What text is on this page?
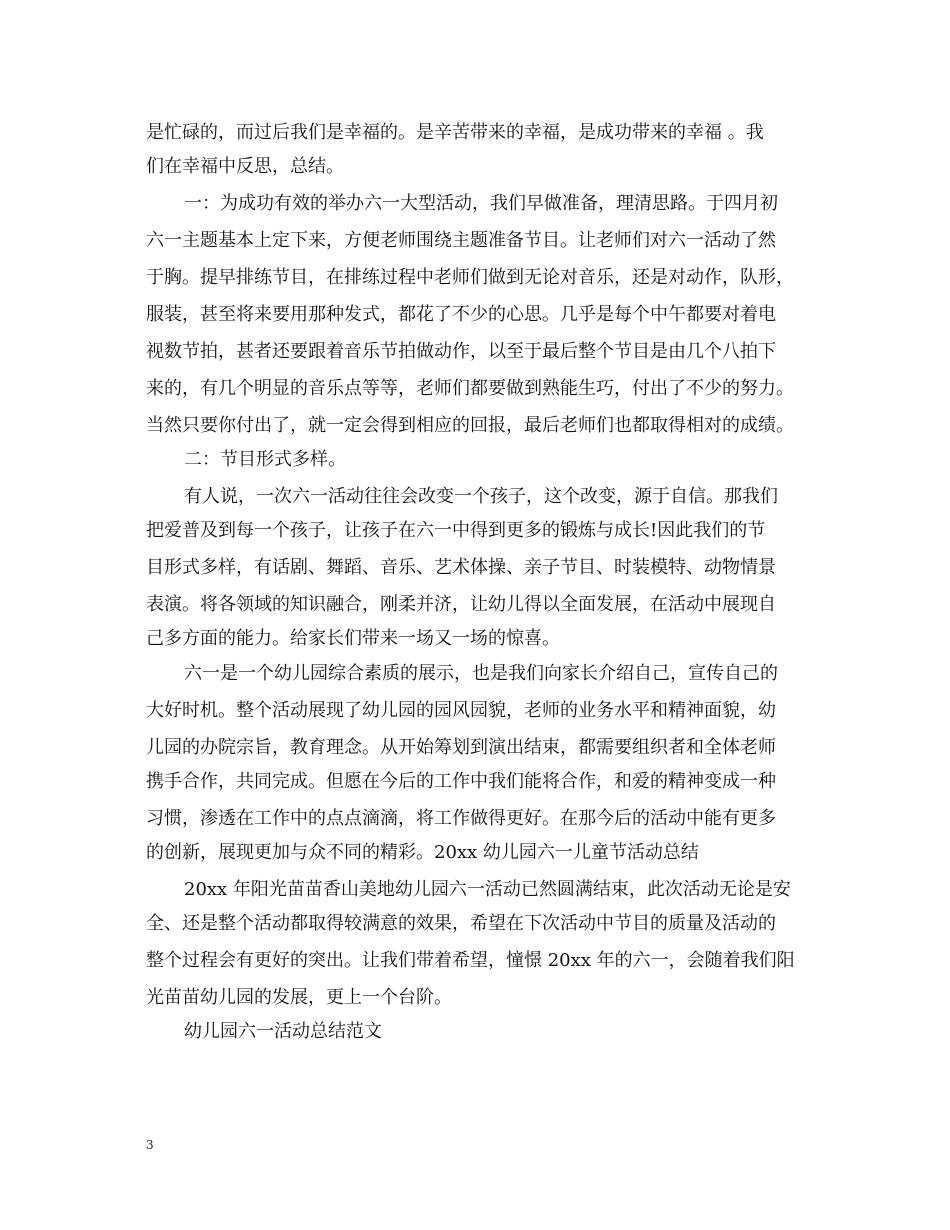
是忙碌的，而过后我们是幸福的。是辛苦带来的幸福，是成功带来的幸福 。我
们在幸福中反思，总结。
一：为成功有效的举办六一大型活动，我们早做准备，理清思路。于四月初
六一主题基本上定下来，方便老师围绕主题准备节目。让老师们对六一活动了然
于胸。提早排练节目，在排练过程中老师们做到无论对音乐，还是对动作，队形，
服装，甚至将来要用那种发式，都花了不少的心思。几乎是每个中午都要对着电
视数节拍，甚者还要跟着音乐节拍做动作，以至于最后整个节目是由几个八拍下
来的，有几个明显的音乐点等等，老师们都要做到熟能生巧，付出了不少的努力。
当然只要你付出了，就一定会得到相应的回报，最后老师们也都取得相对的成绩。
二：节目形式多样。
有人说，一次六一活动往往会改变一个孩子，这个改变，源于自信。那我们
把爱普及到每一个孩子，让孩子在六一中得到更多的锻炼与成长!因此我们的节
目形式多样，有话剧、舞蹈、音乐、艺术体操、亲子节目、时装模特、动物情景
表演。将各领域的知识融合，刚柔并济，让幼儿得以全面发展，在活动中展现自
己多方面的能力。给家长们带来一场又一场的惊喜。
六一是一个幼儿园综合素质的展示，也是我们向家长介绍自己，宣传自己的
大好时机。整个活动展现了幼儿园的园风园貌，老师的业务水平和精神面貌，幼
儿园的办院宗旨，教育理念。从开始筹划到演出结束，都需要组织者和全体老师
携手合作，共同完成。但愿在今后的工作中我们能将合作，和爱的精神变成一种
习惯，渗透在工作中的点点滴滴，将工作做得更好。在那今后的活动中能有更多
的创新，展现更加与众不同的精彩。20xx 幼儿园六一儿童节活动总结
20xx 年阳光苗苗香山美地幼儿园六一活动已然圆满结束，此次活动无论是安
全、还是整个活动都取得较满意的效果，希望在下次活动中节目的质量及活动的
整个过程会有更好的突出。让我们带着希望，憧憬 20xx 年的六一，会随着我们阳
光苗苗幼儿园的发展，更上一个台阶。
幼儿园六一活动总结范文
3
